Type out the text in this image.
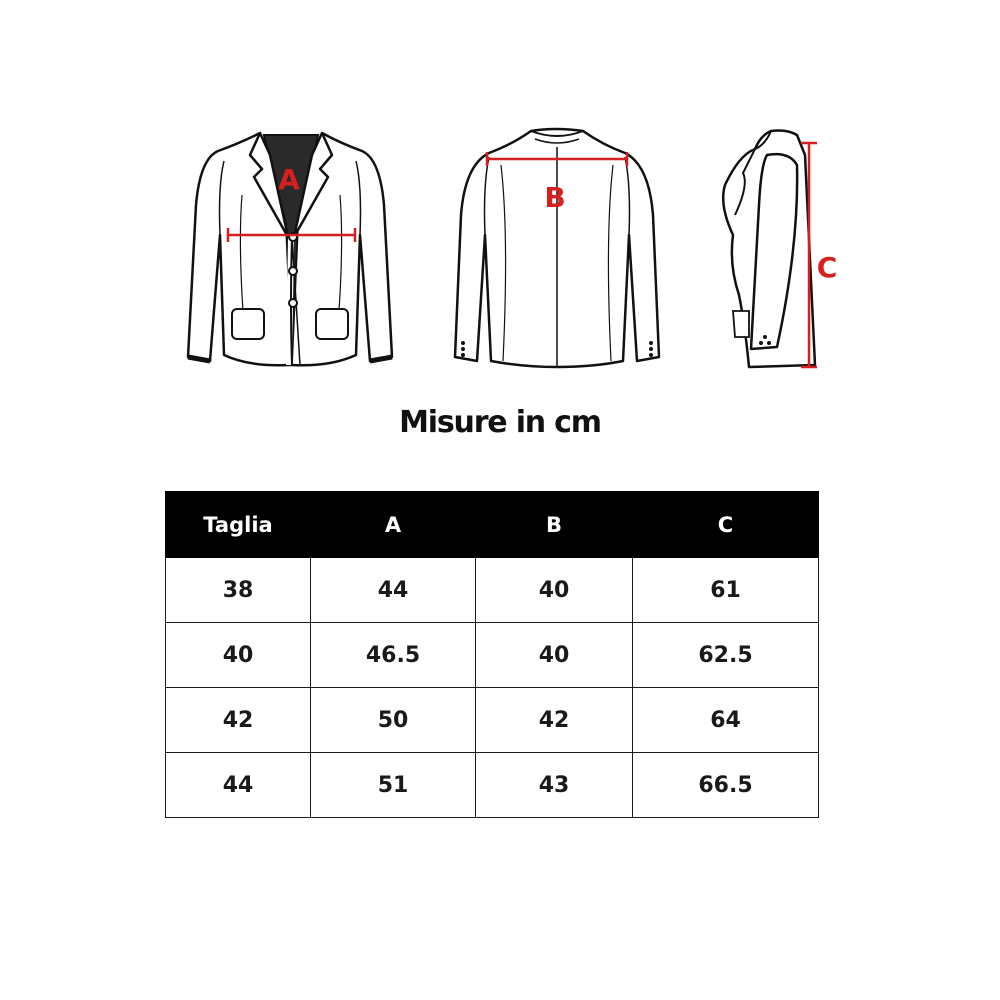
A
B
C
Misure in cm
Taglia	A	B	C
38	44	40	61
40	46.5	40	62.5
42	50	42	64
44	51	43	66.5
